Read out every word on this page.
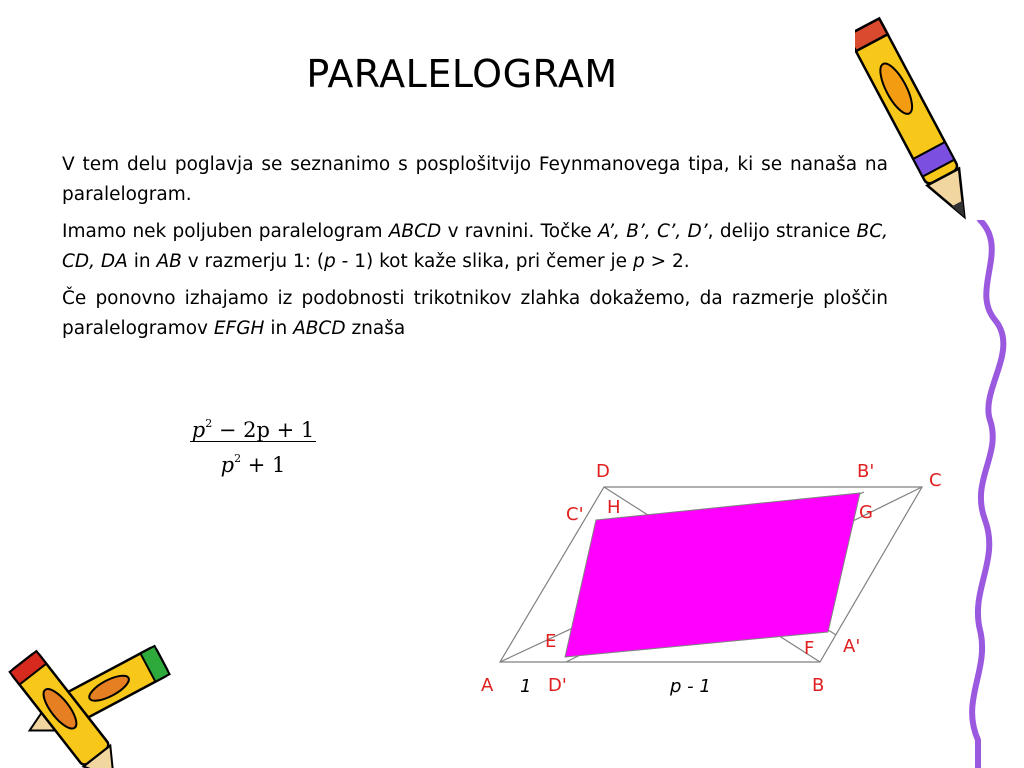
PARALELOGRAM

V tem delu poglavja se seznanimo s posplošitvijo Feynmanovega tipa, ki se nanaša na paralelogram.

Imamo nek poljuben paralelogram ABCD v ravnini. Točke A’, B’, C’, D’, delijo stranice BC, CD, DA in AB v razmerju 1: (p - 1) kot kaže slika, pri čemer je p > 2.

Če ponovno izhajamo iz podobnosti trikotnikov zlahka dokažemo, da razmerje ploščin paralelogramov EFGH in ABCD znaša

$p^2 - 2p + 1$
$p^2 + 1$	D	B'	C
C' H	G
E	F A'
A	D'	B
1	p - 1
